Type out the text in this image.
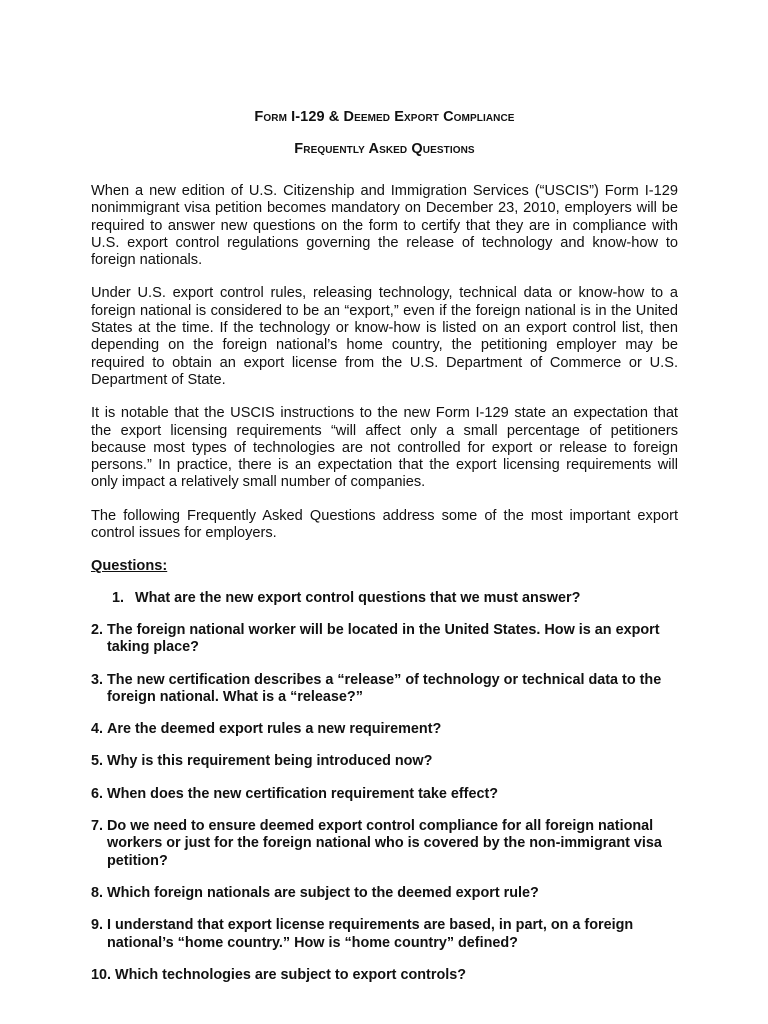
Form I-129 & Deemed Export Compliance
Frequently Asked Questions

When a new edition of U.S. Citizenship and Immigration Services (“USCIS”) Form I-129 nonimmigrant visa petition becomes mandatory on December 23, 2010, employers will be required to answer new questions on the form to certify that they are in compliance with U.S. export control regulations governing the release of technology and know-how to foreign nationals.

Under U.S. export control rules, releasing technology, technical data or know-how to a foreign national is considered to be an “export,” even if the foreign national is in the United States at the time. If the technology or know-how is listed on an export control list, then depending on the foreign national’s home country, the petitioning employer may be required to obtain an export license from the U.S. Department of Commerce or U.S. Department of State.

It is notable that the USCIS instructions to the new Form I-129 state an expectation that the export licensing requirements “will affect only a small percentage of petitioners because most types of technologies are not controlled for export or release to foreign persons.” In practice, there is an expectation that the export licensing requirements will only impact a relatively small number of companies.

The following Frequently Asked Questions address some of the most important export control issues for employers.

Questions:
1. What are the new export control questions that we must answer?
2. The foreign national worker will be located in the United States. How is an export taking place?
3. The new certification describes a “release” of technology or technical data to the foreign national. What is a “release?”
4. Are the deemed export rules a new requirement?
5. Why is this requirement being introduced now?
6. When does the new certification requirement take effect?
7. Do we need to ensure deemed export control compliance for all foreign national workers or just for the foreign national who is covered by the non-immigrant visa petition?
8. Which foreign nationals are subject to the deemed export rule?
9. I understand that export license requirements are based, in part, on a foreign national’s “home country.” How is “home country” defined?
10. Which technologies are subject to export controls?
